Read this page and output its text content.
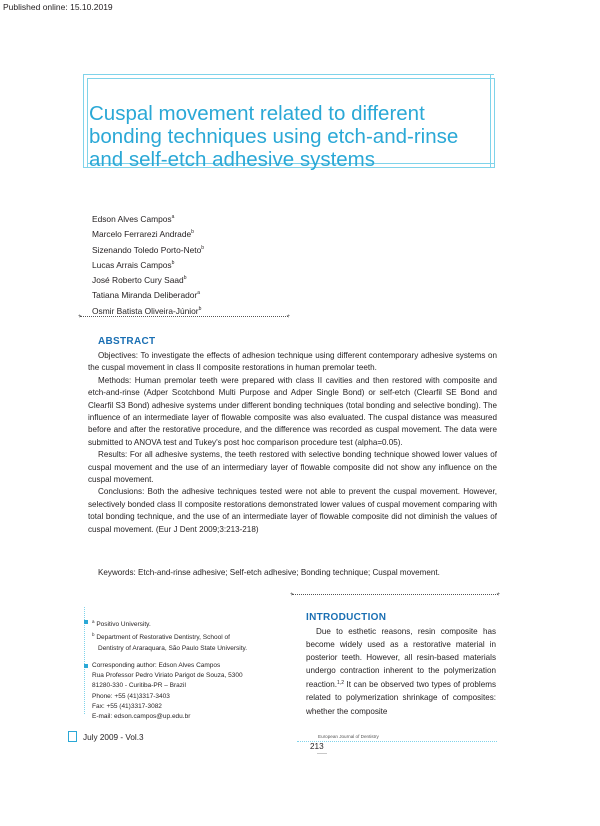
Published online: 15.10.2019
Cuspal movement related to different bonding techniques using etch-and-rinse and self-etch adhesive systems
Edson Alves Campos$^a$
Marcelo Ferrarezi Andrade$^b$
Sizenando Toledo Porto-Neto$^b$
Lucas Arrais Campos$^b$
José Roberto Cury Saad$^b$
Tatiana Miranda Deliberador$^a$
Osmir Batista Oliveira-Júnior$^b$
+	+
ABSTRACT

Objectives: To investigate the effects of adhesion technique using different contemporary adhesive systems on the cuspal movement in class II composite restorations in human premolar teeth.

Methods: Human premolar teeth were prepared with class II cavities and then restored with composite and etch-and-rinse (Adper Scotchbond Multi Purpose and Adper Single Bond) or self-etch (Clearfil SE Bond and Clearfil S3 Bond) adhesive systems under different bonding techniques (total bonding and selective bonding). The influence of an intermediate layer of flowable composite was also evaluated. The cuspal distance was measured before and after the restorative procedure, and the difference was recorded as cuspal movement. The data were submitted to ANOVA test and Tukey's post hoc comparison procedure test (alpha=0.05).

Results: For all adhesive systems, the teeth restored with selective bonding technique showed lower values of cuspal movement and the use of an intermediary layer of flowable composite did not show any influence on the cuspal movement.

Conclusions: Both the adhesive techniques tested were not able to prevent the cuspal movement. However, selectively bonded class II composite restorations demonstrated lower values of cuspal movement comparing with total bonding technique, and the use of an intermediate layer of flowable composite did not diminish the values of cuspal movement. (Eur J Dent 2009;3:213-218)

Keywords: Etch-and-rinse adhesive; Self-etch adhesive; Bonding technique; Cuspal movement.
+	+
$^a$ Positivo University.
$^b$ Department of Restorative Dentistry, School of
Dentistry of Araraquara, São Paulo State University.
Corresponding author: Edson Alves Campos
Rua Professor Pedro Viriato Parigot de Souza, 5300
81280-330 - Curitiba-PR – Brazil
Phone: +55 (41)3317-3403
Fax: +55 (41)3317-3082
E-mail: edson.campos@up.edu.br
INTRODUCTION

Due to esthetic reasons, resin composite has become widely used as a restorative material in posterior teeth. However, all resin-based materials undergo contraction inherent to the polymerization reaction.$^{1,2}$ It can be observed two types of problems related to polymerization shrinkage of composites: whether the composite

July 2009 - Vol.3	European Journal of Dentistry
213
